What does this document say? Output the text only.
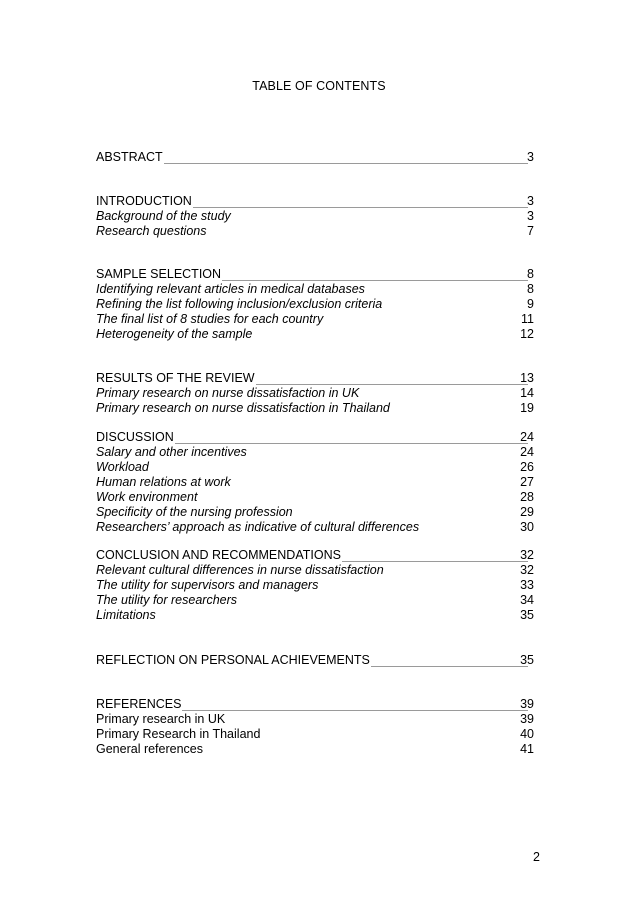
TABLE OF CONTENTS
ABSTRACT	3
INTRODUCTION	3
Background of the study	3
Research questions	7
SAMPLE SELECTION	8
Identifying relevant articles in medical databases	8
Refining the list following inclusion/exclusion criteria	9
The final list of 8 studies for each country	11
Heterogeneity of the sample	12
RESULTS OF THE REVIEW	13
Primary research on nurse dissatisfaction in UK	14
Primary research on nurse dissatisfaction in Thailand	19
DISCUSSION	24
Salary and other incentives	24
Workload	26
Human relations at work	27
Work environment	28
Specificity of the nursing profession	29
Researchers’ approach as indicative of cultural differences	30
CONCLUSION AND RECOMMENDATIONS	32
Relevant cultural differences in nurse dissatisfaction	32
The utility for supervisors and managers	33
The utility for researchers	34
Limitations	35
REFLECTION ON PERSONAL ACHIEVEMENTS	35
REFERENCES	39
Primary research in UK	39
Primary Research in Thailand	40
General references	41
2
